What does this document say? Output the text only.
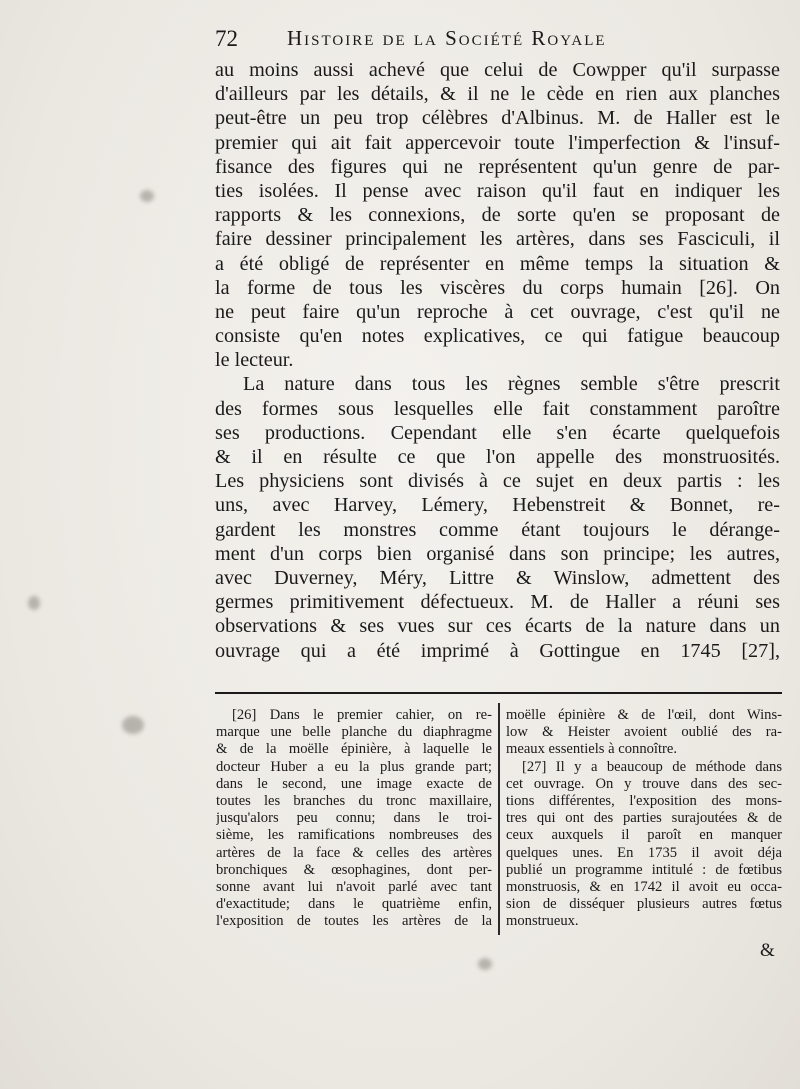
72 Histoire de la Société Royale
au moins aussi achevé que celui de Cowpper qu'il surpasse
d'ailleurs par les détails, & il ne le cède en rien aux planches
peut-être un peu trop célèbres d'Albinus. M. de Haller est le
premier qui ait fait appercevoir toute l'imperfection & l'insuf-
fisance des figures qui ne représentent qu'un genre de par-
ties isolées. Il pense avec raison qu'il faut en indiquer les
rapports & les connexions, de sorte qu'en se proposant de
faire dessiner principalement les artères, dans ses Fasciculi, il
a été obligé de représenter en même temps la situation &
la forme de tous les viscères du corps humain [26]. On
ne peut faire qu'un reproche à cet ouvrage, c'est qu'il ne
consiste qu'en notes explicatives, ce qui fatigue beaucoup
le lecteur.
La nature dans tous les règnes semble s'être prescrit
des formes sous lesquelles elle fait constamment paroître
ses productions. Cependant elle s'en écarte quelquefois
& il en résulte ce que l'on appelle des monstruosités.
Les physiciens sont divisés à ce sujet en deux partis : les
uns, avec Harvey, Lémery, Hebenstreit & Bonnet, re-
gardent les monstres comme étant toujours le dérange-
ment d'un corps bien organisé dans son principe; les autres,
avec Duverney, Méry, Littre & Winslow, admettent des
germes primitivement défectueux. M. de Haller a réuni ses
observations & ses vues sur ces écarts de la nature dans un
ouvrage qui a été imprimé à Gottingue en 1745 [27],
[26] Dans le premier cahier, on re-
marque une belle planche du diaphragme
& de la moëlle épinière, à laquelle le
docteur Huber a eu la plus grande part;
dans le second, une image exacte de
toutes les branches du tronc maxillaire,
jusqu'alors peu connu; dans le troi-
sième, les ramifications nombreuses des
artères de la face & celles des artères
bronchiques & œsophagines, dont per-
sonne avant lui n'avoit parlé avec tant
d'exactitude; dans le quatrième enfin,
l'exposition de toutes les artères de la
moëlle épinière & de l'œil, dont Wins-
low & Heister avoient oublié des ra-
meaux essentiels à connoître.
[27] Il y a beaucoup de méthode dans
cet ouvrage. On y trouve dans des sec-
tions différentes, l'exposition des mons-
tres qui ont des parties surajoutées & de
ceux auxquels il paroît en manquer
quelques unes. En 1735 il avoit déja
publié un programme intitulé : de fœtibus
monstruosis, & en 1742 il avoit eu occa-
sion de disséquer plusieurs autres fœtus
monstrueux.
&
